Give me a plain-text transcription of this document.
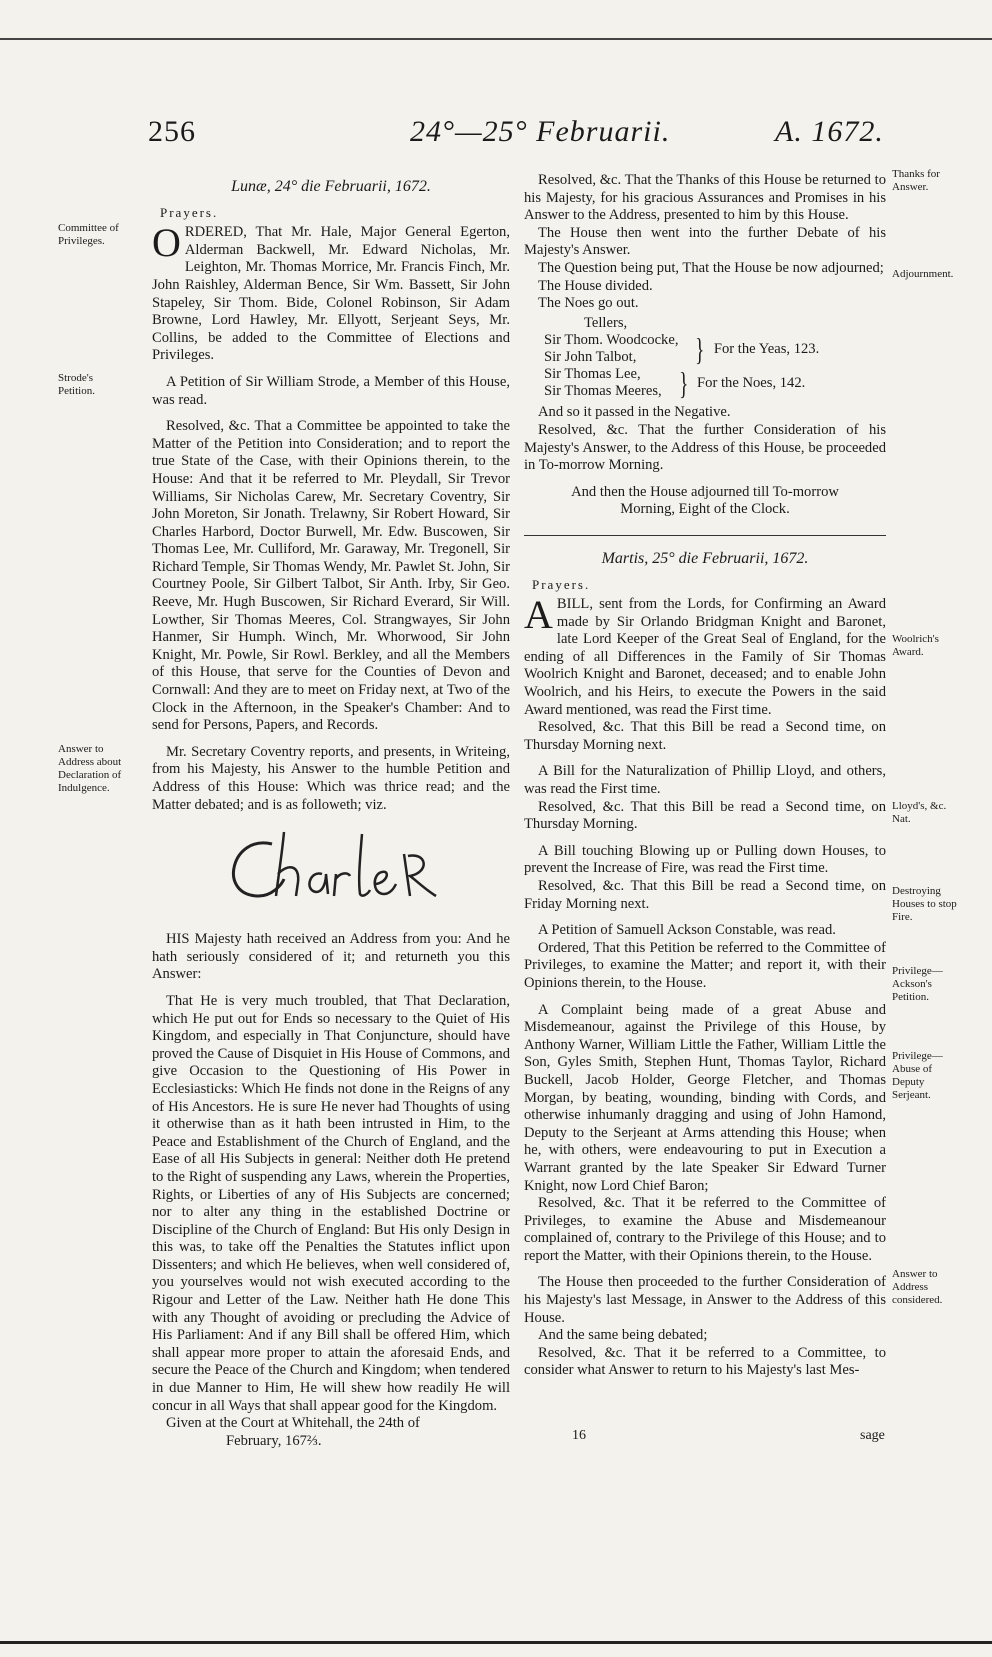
256	24°—25° Februarii.	A. 1672.
Committee of Privileges.
Strode's Petition.
Answer to Address about Declaration of Indulgence.
Thanks for Answer.
Adjournment.
Woolrich's Award.
Lloyd's, &c. Nat.
Destroying Houses to stop Fire.
Privilege—Ackson's Petition.
Privilege—Abuse of Deputy Serjeant.
Answer to Address considered.
Lunæ, 24° die Februarii, 1672.
Prayers.

ORDERED, That Mr. Hale, Major General Egerton, Alderman Backwell, Mr. Edward Nicholas, Mr. Leighton, Mr. Thomas Morrice, Mr. Francis Finch, Mr. John Raishley, Alderman Bence, Sir Wm. Bassett, Sir John Stapeley, Sir Thom. Bide, Colonel Robinson, Sir Adam Browne, Lord Hawley, Mr. Ellyott, Serjeant Seys, Mr. Collins, be added to the Committee of Elections and Privileges.

A Petition of Sir William Strode, a Member of this House, was read.

Resolved, &c. That a Committee be appointed to take the Matter of the Petition into Consideration; and to report the true State of the Case, with their Opinions therein, to the House: And that it be referred to Mr. Pleydall, Sir Trevor Williams, Sir Nicholas Carew, Mr. Secretary Coventry, Sir John Moreton, Sir Jonath. Trelawny, Sir Robert Howard, Sir Charles Harbord, Doctor Burwell, Mr. Edw. Buscowen, Sir Thomas Lee, Mr. Culliford, Mr. Garaway, Mr. Tregonell, Sir Richard Temple, Sir Thomas Wendy, Mr. Pawlet St. John, Sir Courtney Poole, Sir Gilbert Talbot, Sir Anth. Irby, Sir Geo. Reeve, Mr. Hugh Buscowen, Sir Richard Everard, Sir Will. Lowther, Sir Thomas Meeres, Col. Strangwayes, Sir John Hanmer, Sir Humph. Winch, Mr. Whorwood, Sir John Knight, Mr. Powle, Sir Rowl. Berkley, and all the Members of this House, that serve for the Counties of Devon and Cornwall: And they are to meet on Friday next, at Two of the Clock in the Afternoon, in the Speaker's Chamber: And to send for Persons, Papers, and Records.

Mr. Secretary Coventry reports, and presents, in Writeing, from his Majesty, his Answer to the humble Petition and Address of this House: Which was thrice read; and the Matter debated; and is as followeth; viz.

HIS Majesty hath received an Address from you: And he hath seriously considered of it; and returneth you this Answer:

That He is very much troubled, that That Declaration, which He put out for Ends so necessary to the Quiet of His Kingdom, and especially in That Conjuncture, should have proved the Cause of Disquiet in His House of Commons, and give Occasion to the Questioning of His Power in Ecclesiasticks: Which He finds not done in the Reigns of any of His Ancestors. He is sure He never had Thoughts of using it otherwise than as it hath been intrusted in Him, to the Peace and Establishment of the Church of England, and the Ease of all His Subjects in general: Neither doth He pretend to the Right of suspending any Laws, wherein the Properties, Rights, or Liberties of any of His Subjects are concerned; nor to alter any thing in the established Doctrine or Discipline of the Church of England: But His only Design in this was, to take off the Penalties the Statutes inflict upon Dissenters; and which He believes, when well considered of, you yourselves would not wish executed according to the Rigour and Letter of the Law. Neither hath He done This with any Thought of avoiding or precluding the Advice of His Parliament: And if any Bill shall be offered Him, which shall appear more proper to attain the aforesaid Ends, and secure the Peace of the Church and Kingdom; when tendered in due Manner to Him, He will shew how readily He will concur in all Ways that shall appear good for the Kingdom.

Given at the Court at Whitehall, the 24th of

February, 167⅔.

Resolved, &c. That the Thanks of this House be returned to his Majesty, for his gracious Assurances and Promises in his Answer to the Address, presented to him by this House.

The House then went into the further Debate of his Majesty's Answer.

The Question being put, That the House be now adjourned;

The House divided.

The Noes go out.

Tellers,
Sir Thom. Woodcocke,
Sir John Talbot,	} For the Yeas, 123.
Sir Thomas Lee,
Sir Thomas Meeres, } For the Noes, 142.

And so it passed in the Negative.

Resolved, &c. That the further Consideration of his Majesty's Answer, to the Address of this House, be proceeded in To-morrow Morning.

And then the House adjourned till To-morrow
Morning, Eight of the Clock.
Martis, 25° die Februarii, 1672.
Prayers.

ABILL, sent from the Lords, for Confirming an Award made by Sir Orlando Bridgman Knight and Baronet, late Lord Keeper of the Great Seal of England, for the ending of all Differences in the Family of Sir Thomas Woolrich Knight and Baronet, deceased; and to enable John Woolrich, and his Heirs, to execute the Powers in the said Award mentioned, was read the First time.

Resolved, &c. That this Bill be read a Second time, on Thursday Morning next.

A Bill for the Naturalization of Phillip Lloyd, and others, was read the First time.

Resolved, &c. That this Bill be read a Second time, on Thursday Morning.

A Bill touching Blowing up or Pulling down Houses, to prevent the Increase of Fire, was read the First time.

Resolved, &c. That this Bill be read a Second time, on Friday Morning next.

A Petition of Samuell Ackson Constable, was read.

Ordered, That this Petition be referred to the Committee of Privileges, to examine the Matter; and report it, with their Opinions therein, to the House.

A Complaint being made of a great Abuse and Misdemeanour, against the Privilege of this House, by Anthony Warner, William Little the Father, William Little the Son, Gyles Smith, Stephen Hunt, Thomas Taylor, Richard Buckell, Jacob Holder, George Fletcher, and Thomas Morgan, by beating, wounding, binding with Cords, and otherwise inhumanly dragging and using of John Hamond, Deputy to the Serjeant at Arms attending this House; when he, with others, were endeavouring to put in Execution a Warrant granted by the late Speaker Sir Edward Turner Knight, now Lord Chief Baron;

Resolved, &c. That it be referred to the Committee of Privileges, to examine the Abuse and Misdemeanour complained of, contrary to the Privilege of this House; and to report the Matter, with their Opinions therein, to the House.

The House then proceeded to the further Consideration of his Majesty's last Message, in Answer to the Address of this House.

And the same being debated;

Resolved, &c. That it be referred to a Committee, to consider what Answer to return to his Majesty's last Mes-

16	sage
